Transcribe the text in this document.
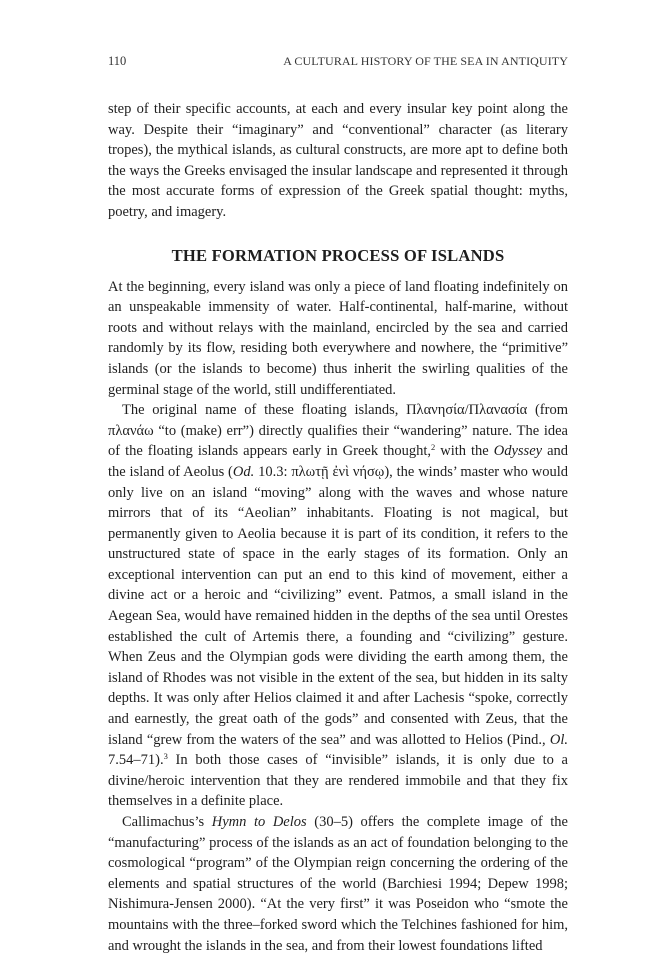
110	A CULTURAL HISTORY OF THE SEA IN ANTIQUITY

step of their specific accounts, at each and every insular key point along the way. Despite their “imaginary” and “conventional” character (as literary tropes), the mythical islands, as cultural constructs, are more apt to define both the ways the Greeks envisaged the insular landscape and represented it through the most accurate forms of expression of the Greek spatial thought: myths, poetry, and imagery.

THE FORMATION PROCESS OF ISLANDS

At the beginning, every island was only a piece of land floating indefinitely on an unspeakable immensity of water. Half-continental, half-marine, without roots and without relays with the mainland, encircled by the sea and carried randomly by its flow, residing both everywhere and nowhere, the “primitive” islands (or the islands to become) thus inherit the swirling qualities of the germinal stage of the world, still undifferentiated.

The original name of these floating islands, Πλανησία/Πλανασία (from πλανάω “to (make) err”) directly qualifies their “wandering” nature. The idea of the floating islands appears early in Greek thought,$^2$ with the Odyssey and the island of Aeolus (Od. 10.3: πλωτῇ ἐνὶ νήσῳ), the winds’ master who would only live on an island “moving” along with the waves and whose nature mirrors that of its “Aeolian” inhabitants. Floating is not magical, but permanently given to Aeolia because it is part of its condition, it refers to the unstructured state of space in the early stages of its formation. Only an exceptional intervention can put an end to this kind of movement, either a divine act or a heroic and “civilizing” event. Patmos, a small island in the Aegean Sea, would have remained hidden in the depths of the sea until Orestes established the cult of Artemis there, a founding and “civilizing” gesture. When Zeus and the Olympian gods were dividing the earth among them, the island of Rhodes was not visible in the extent of the sea, but hidden in its salty depths. It was only after Helios claimed it and after Lachesis “spoke, correctly and earnestly, the great oath of the gods” and consented with Zeus, that the island “grew from the waters of the sea” and was allotted to Helios (Pind., Ol. 7.54–71).$^3$ In both those cases of “invisible” islands, it is only due to a divine/heroic intervention that they are rendered immobile and that they fix themselves in a definite place.

Callimachus’s Hymn to Delos (30–5) offers the complete image of the “manufacturing” process of the islands as an act of foundation belonging to the cosmological “program” of the Olympian reign concerning the ordering of the elements and spatial structures of the world (Barchiesi 1994; Depew 1998; Nishimura-Jensen 2000). “At the very first” it was Poseidon who “smote the mountains with the three–forked sword which the Telchines fashioned for him, and wrought the islands in the sea, and from their lowest foundations lifted
